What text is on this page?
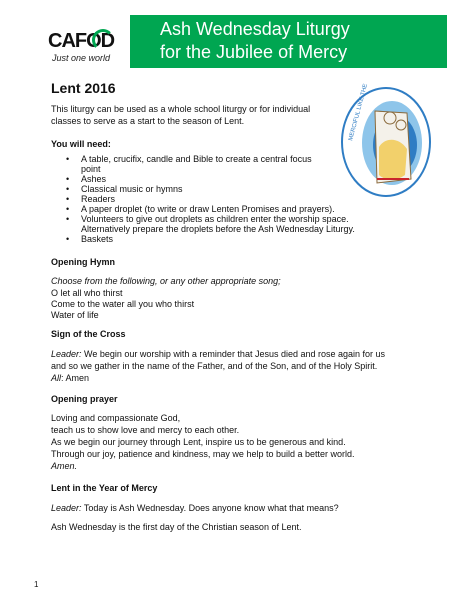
CAFOD
Just one world
Ash Wednesday Liturgy
for the Jubilee of Mercy
Lent 2016
This liturgy can be used as a whole school liturgy or for individual
classes to serve as a start to the season of Lent.
You will need:
• A table, crucifix, candle and Bible to create a central focus
point
• Ashes
• Classical music or hymns
• Readers
• A paper droplet (to write or draw Lenten Promises and prayers).
• Volunteers to give out droplets as children enter the worship space.
Alternatively prepare the droplets before the Ash Wednesday Liturgy.
• Baskets
Opening Hymn
Choose from the following, or any other appropriate song;
O let all who thirst
Come to the water all you who thirst
Water of life
Sign of the Cross
Leader: We begin our worship with a reminder that Jesus died and rose again for us
and so we gather in the name of the Father, and of the Son, and of the Holy Spirit.
All: Amen
Opening prayer
Loving and compassionate God,
teach us to show love and mercy to each other.
As we begin our journey through Lent, inspire us to be generous and kind.
Through our joy, patience and kindness, may we help to build a better world.
Amen.
Lent in the Year of Mercy
Leader: Today is Ash Wednesday. Does anyone know what that means?
Ash Wednesday is the first day of the Christian season of Lent.
1
